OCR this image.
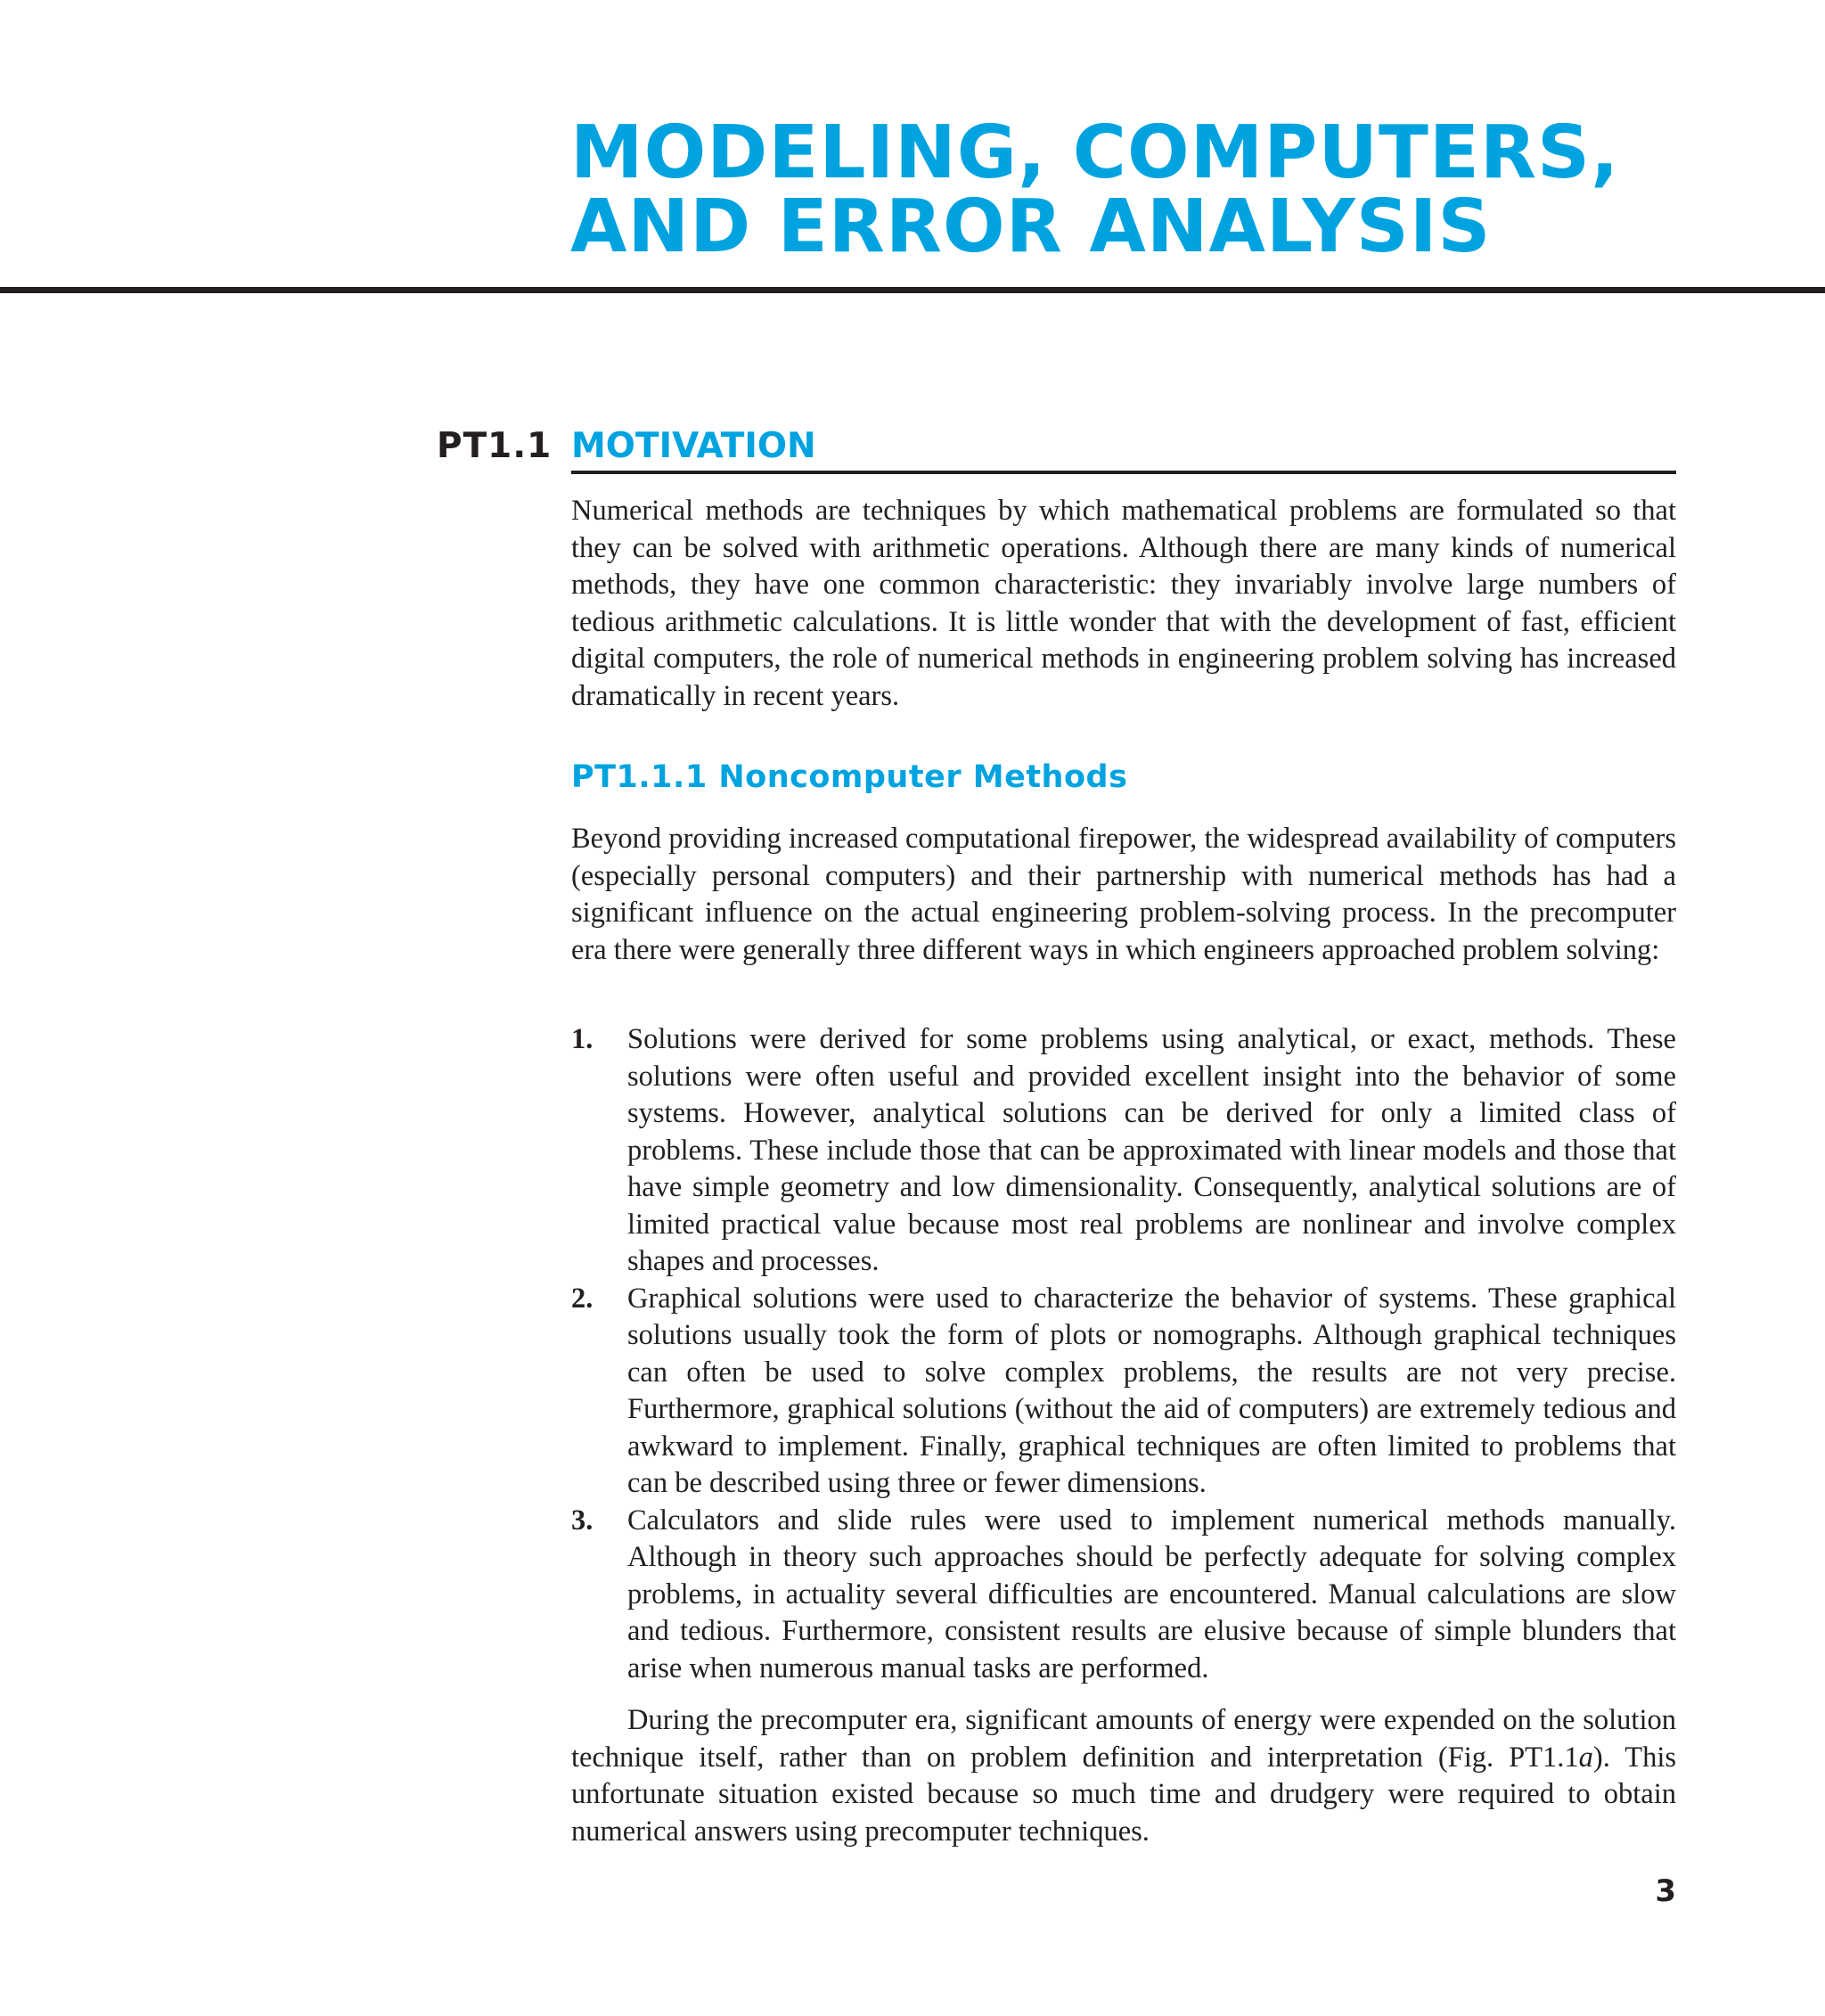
MODELING, COMPUTERS,
AND ERROR ANALYSIS
PT1.1 MOTIVATION

Numerical methods are techniques by which mathematical problems are formulated so that they can be solved with arithmetic operations. Although there are many kinds of numerical methods, they have one common characteristic: they invariably involve large numbers of tedious arithmetic calculations. It is little wonder that with the development of fast, efficient digital computers, the role of numerical methods in engineering problem solving has increased dramatically in recent years.

PT1.1.1 Noncomputer Methods

Beyond providing increased computational firepower, the widespread availability of computers (especially personal computers) and their partnership with numerical methods has had a significant influence on the actual engineering problem-solving process. In the precomputer era there were generally three different ways in which engineers approached problem solving:

1.	Solutions were derived for some problems using analytical, or exact, methods. These solutions were often useful and provided excellent insight into the behavior of some systems. However, analytical solutions can be derived for only a limited class of problems. These include those that can be approximated with linear models and those that have simple geometry and low dimensionality. Consequently, analytical solutions are of limited practical value because most real problems are nonlinear and involve complex shapes and processes.

2.	Graphical solutions were used to characterize the behavior of systems. These graphical solutions usually took the form of plots or nomographs. Although graphical techniques can often be used to solve complex problems, the results are not very precise. Furthermore, graphical solutions (without the aid of computers) are extremely tedious and awkward to implement. Finally, graphical techniques are often limited to problems that can be described using three or fewer dimensions.

3.	Calculators and slide rules were used to implement numerical methods manually. Although in theory such approaches should be perfectly adequate for solving complex problems, in actuality several difficulties are encountered. Manual calculations are slow and tedious. Furthermore, consistent results are elusive because of simple blunders that arise when numerous manual tasks are performed.

During the precomputer era, significant amounts of energy were expended on the solution technique itself, rather than on problem definition and interpretation (Fig. PT1.1a). This unfortunate situation existed because so much time and drudgery were required to obtain numerical answers using precomputer techniques.

3
